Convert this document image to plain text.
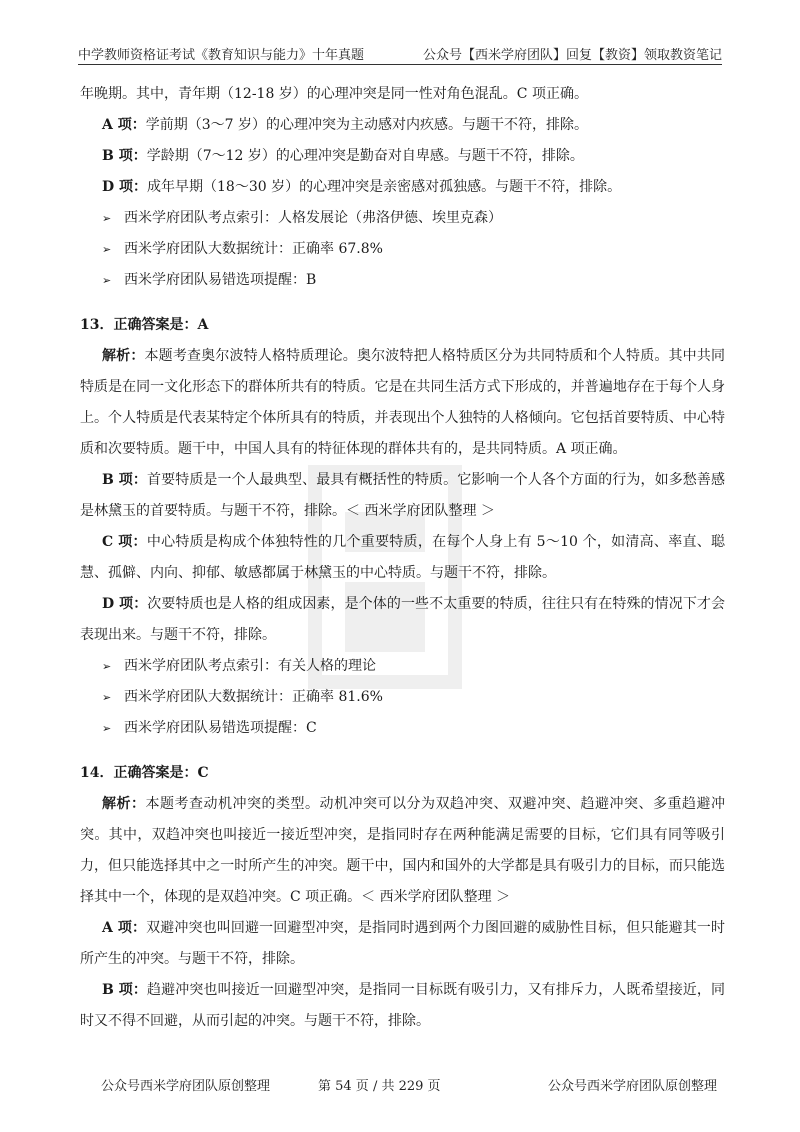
中学教师资格证考试《教育知识与能力》十年真题	公众号【西米学府团队】回复【教资】领取教资笔记
年晚期。其中，青年期（12-18 岁）的心理冲突是同一性对角色混乱。C 项正确。
A 项：学前期（3～7 岁）的心理冲突为主动感对内疚感。与题干不符，排除。
B 项：学龄期（7～12 岁）的心理冲突是勤奋对自卑感。与题干不符，排除。
D 项：成年早期（18～30 岁）的心理冲突是亲密感对孤独感。与题干不符，排除。
➢ 西米学府团队考点索引：人格发展论（弗洛伊德、埃里克森）
➢ 西米学府团队大数据统计：正确率 67.8%
➢ 西米学府团队易错选项提醒：B
13．正确答案是：A
解析：本题考查奥尔波特人格特质理论。奥尔波特把人格特质区分为共同特质和个人特质。其中共同特质是在同一文化形态下的群体所共有的特质。它是在共同生活方式下形成的，并普遍地存在于每个人身上。个人特质是代表某特定个体所具有的特质，并表现出个人独特的人格倾向。它包括首要特质、中心特质和次要特质。题干中，中国人具有的特征体现的群体共有的，是共同特质。A 项正确。
B 项：首要特质是一个人最典型、最具有概括性的特质。它影响一个人各个方面的行为，如多愁善感是林黛玉的首要特质。与题干不符，排除。＜ 西米学府团队整理 ＞
C 项：中心特质是构成个体独特性的几个重要特质，在每个人身上有 5～10 个，如清高、率直、聪慧、孤僻、内向、抑郁、敏感都属于林黛玉的中心特质。与题干不符，排除。
D 项：次要特质也是人格的组成因素，是个体的一些不太重要的特质，往往只有在特殊的情况下才会表现出来。与题干不符，排除。
➢ 西米学府团队考点索引：有关人格的理论
➢ 西米学府团队大数据统计：正确率 81.6%
➢ 西米学府团队易错选项提醒：C
14．正确答案是：C
解析：本题考查动机冲突的类型。动机冲突可以分为双趋冲突、双避冲突、趋避冲突、多重趋避冲突。其中，双趋冲突也叫接近一接近型冲突，是指同时存在两种能满足需要的目标，它们具有同等吸引力，但只能选择其中之一时所产生的冲突。题干中，国内和国外的大学都是具有吸引力的目标，而只能选择其中一个，体现的是双趋冲突。C 项正确。＜ 西米学府团队整理 ＞
A 项：双避冲突也叫回避一回避型冲突，是指同时遇到两个力图回避的威胁性目标，但只能避其一时所产生的冲突。与题干不符，排除。
B 项：趋避冲突也叫接近一回避型冲突，是指同一目标既有吸引力，又有排斥力，人既希望接近，同时又不得不回避，从而引起的冲突。与题干不符，排除。
公众号西米学府团队原创整理	第 54 页 / 共 229 页	公众号西米学府团队原创整理
